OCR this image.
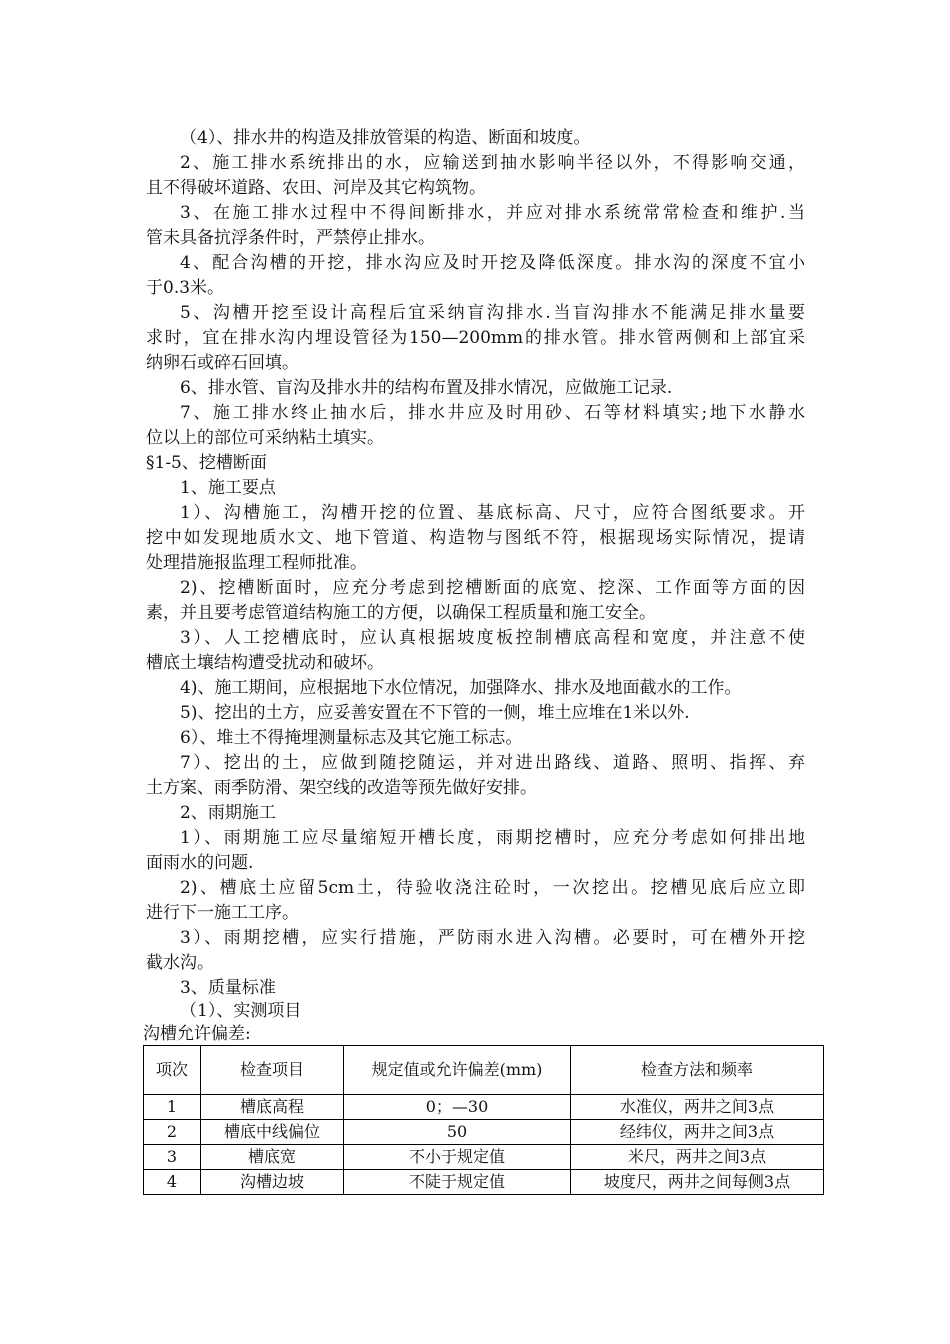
（4）、排水井的构造及排放管渠的构造、断面和坡度。
2、施工排水系统排出的水，应输送到抽水影响半径以外，不得影响交通，
且不得破坏道路、农田、河岸及其它构筑物。
3、在施工排水过程中不得间断排水，并应对排水系统常常检查和维护.当
管未具备抗浮条件时，严禁停止排水。
4、配合沟槽的开挖，排水沟应及时开挖及降低深度。排水沟的深度不宜小
于0.3米。
5、沟槽开挖至设计高程后宜采纳盲沟排水.当盲沟排水不能满足排水量要
求时，宜在排水沟内埋设管径为150—200mm的排水管。排水管两侧和上部宜采
纳卵石或碎石回填。
6、排水管、盲沟及排水井的结构布置及排水情况，应做施工记录.
7、施工排水终止抽水后，排水井应及时用砂、石等材料填实;地下水静水
位以上的部位可采纳粘土填实。
§1-5、挖槽断面
1、施工要点
1）、沟槽施工，沟槽开挖的位置、基底标高、尺寸，应符合图纸要求。开
挖中如发现地质水文、地下管道、构造物与图纸不符，根据现场实际情况，提请
处理措施报监理工程师批准。
2)、挖槽断面时，应充分考虑到挖槽断面的底宽、挖深、工作面等方面的因
素，并且要考虑管道结构施工的方便，以确保工程质量和施工安全。
3）、人工挖槽底时，应认真根据坡度板控制槽底高程和宽度，并注意不使
槽底土壤结构遭受扰动和破坏。
4)、施工期间，应根据地下水位情况，加强降水、排水及地面截水的工作。
5)、挖出的土方，应妥善安置在不下管的一侧，堆土应堆在1米以外.
6）、堆土不得掩埋测量标志及其它施工标志。
7）、挖出的土，应做到随挖随运，并对进出路线、道路、照明、指挥、弃
土方案、雨季防滑、架空线的改造等预先做好安排。
2、雨期施工
1）、雨期施工应尽量缩短开槽长度，雨期挖槽时，应充分考虑如何排出地
面雨水的问题.
2)、槽底土应留5cm土，待验收浇注砼时，一次挖出。挖槽见底后应立即
进行下一施工工序。
3）、雨期挖槽，应实行措施，严防雨水进入沟槽。必要时，可在槽外开挖
截水沟。
3、质量标准
（1）、实测项目
沟槽允许偏差:
项次	检查项目	规定值或允许偏差(mm)	检查方法和频率
1	槽底高程	0；—30	水准仪，两井之间3点
2	槽底中线偏位	50	经纬仪，两井之间3点
3	槽底宽	不小于规定值	米尺，两井之间3点
4	沟槽边坡	不陡于规定值	坡度尺，两井之间每侧3点
